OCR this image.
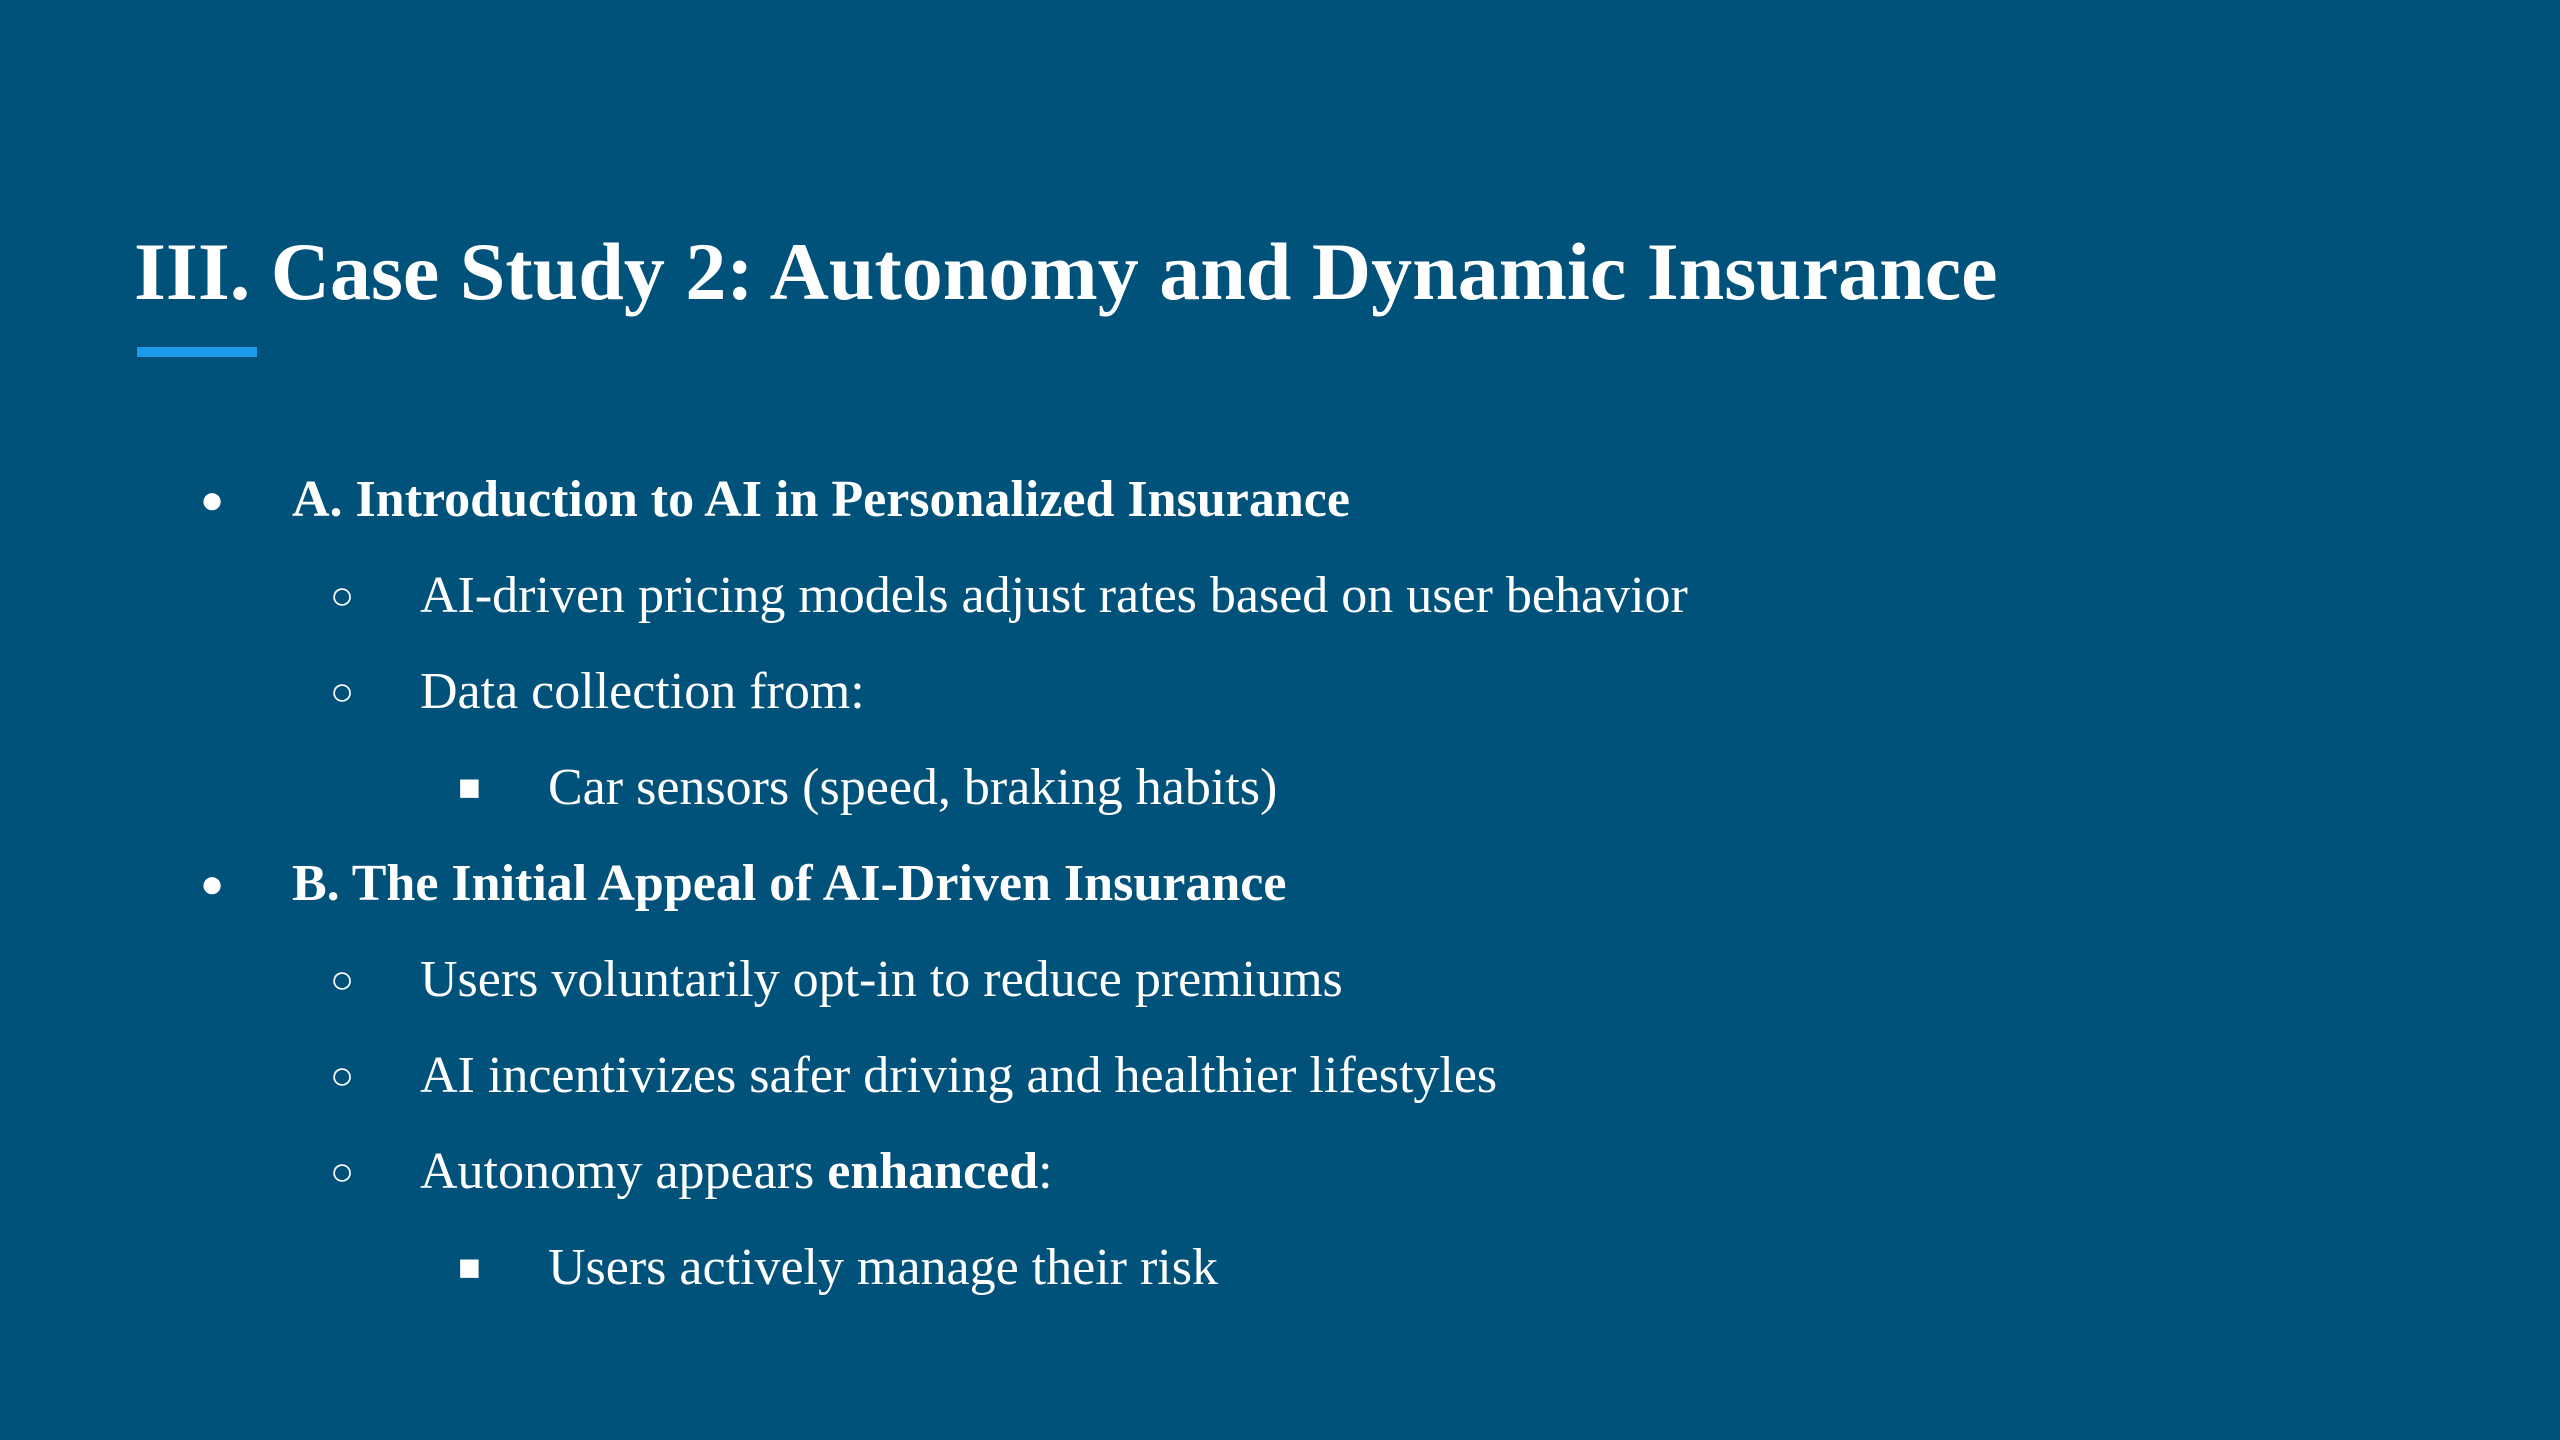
III. Case Study 2: Autonomy and Dynamic Insurance
● A. Introduction to AI in Personalized Insurance
○ AI-driven pricing models adjust rates based on user behavior
○ Data collection from:
■ Car sensors (speed, braking habits)
● B. The Initial Appeal of AI-Driven Insurance
○ Users voluntarily opt-in to reduce premiums
○ AI incentivizes safer driving and healthier lifestyles
○ Autonomy appears enhanced:
■ Users actively manage their risk
